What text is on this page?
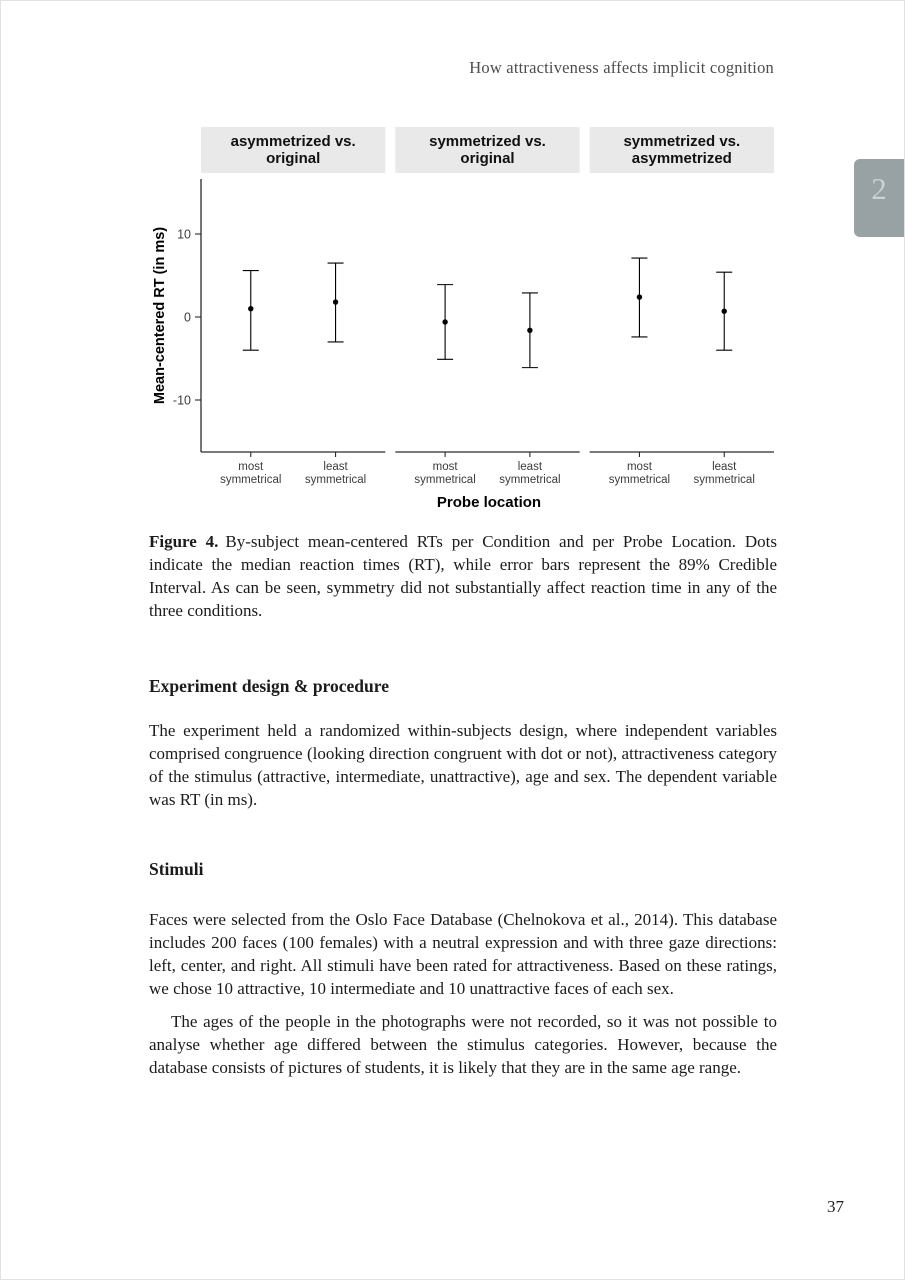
How attractiveness affects implicit cognition
2
Mean-centered RT (in ms) 10
0
-10
asymmetrized vs.
original
most
symmetrical
least
symmetrical
symmetrized vs.
original
most
symmetrical
least
symmetrical
symmetrized vs.
asymmetrized
most
symmetrical
least
symmetrical
Probe location
Figure 4. By-subject mean-centered RTs per Condition and per Probe Location. Dots indicate the median reaction times (RT), while error bars represent the 89% Credible Interval. As can be seen, symmetry did not substantially affect reaction time in any of the three conditions.
Experiment design & procedure

The experiment held a randomized within-subjects design, where independent variables comprised congruence (looking direction congruent with dot or not), attractiveness category of the stimulus (attractive, intermediate, unattractive), age and sex. The dependent variable was RT (in ms).

Stimuli

Faces were selected from the Oslo Face Database (Chelnokova et al., 2014). This database includes 200 faces (100 females) with a neutral expression and with three gaze directions: left, center, and right. All stimuli have been rated for attractiveness. Based on these ratings, we chose 10 attractive, 10 intermediate and 10 unattractive faces of each sex.

The ages of the people in the photographs were not recorded, so it was not possible to analyse whether age differed between the stimulus categories. However, because the database consists of pictures of students, it is likely that they are in the same age range.

37
